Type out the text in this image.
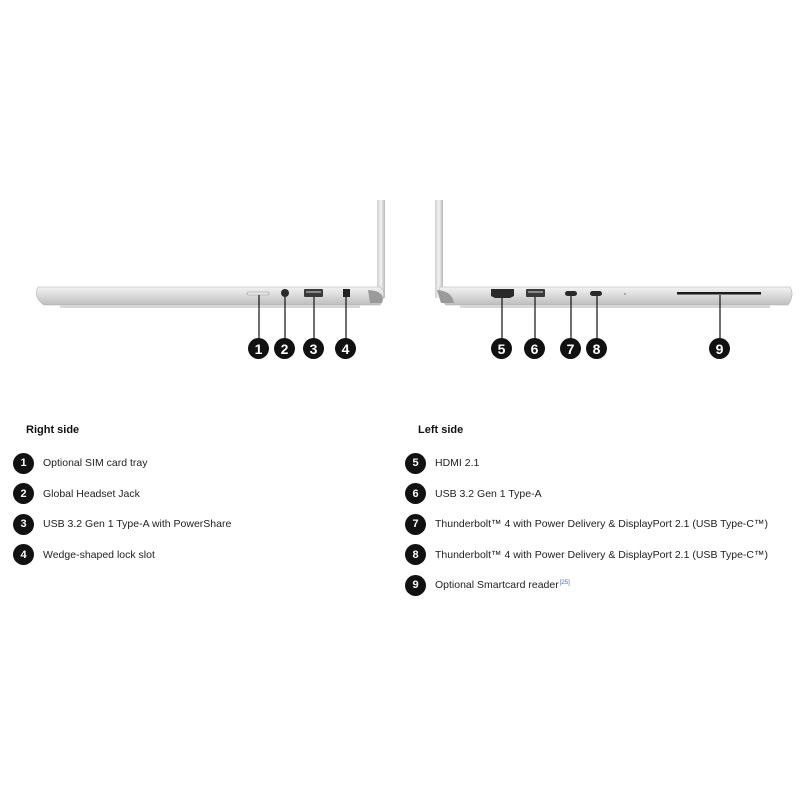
1	2	3	4	5	6	7	8	9
Right side
1	Optional SIM card tray
2	Global Headset Jack
3	USB 3.2 Gen 1 Type-A with PowerShare
4	Wedge-shaped lock slot
Left side
5	HDMI 2.1
6	USB 3.2 Gen 1 Type-A
7	Thunderbolt™ 4 with Power Delivery & DisplayPort 2.1 (USB Type-C™)
8	Thunderbolt™ 4 with Power Delivery & DisplayPort 2.1 (USB Type-C™)
9	Optional Smartcard reader[25]
